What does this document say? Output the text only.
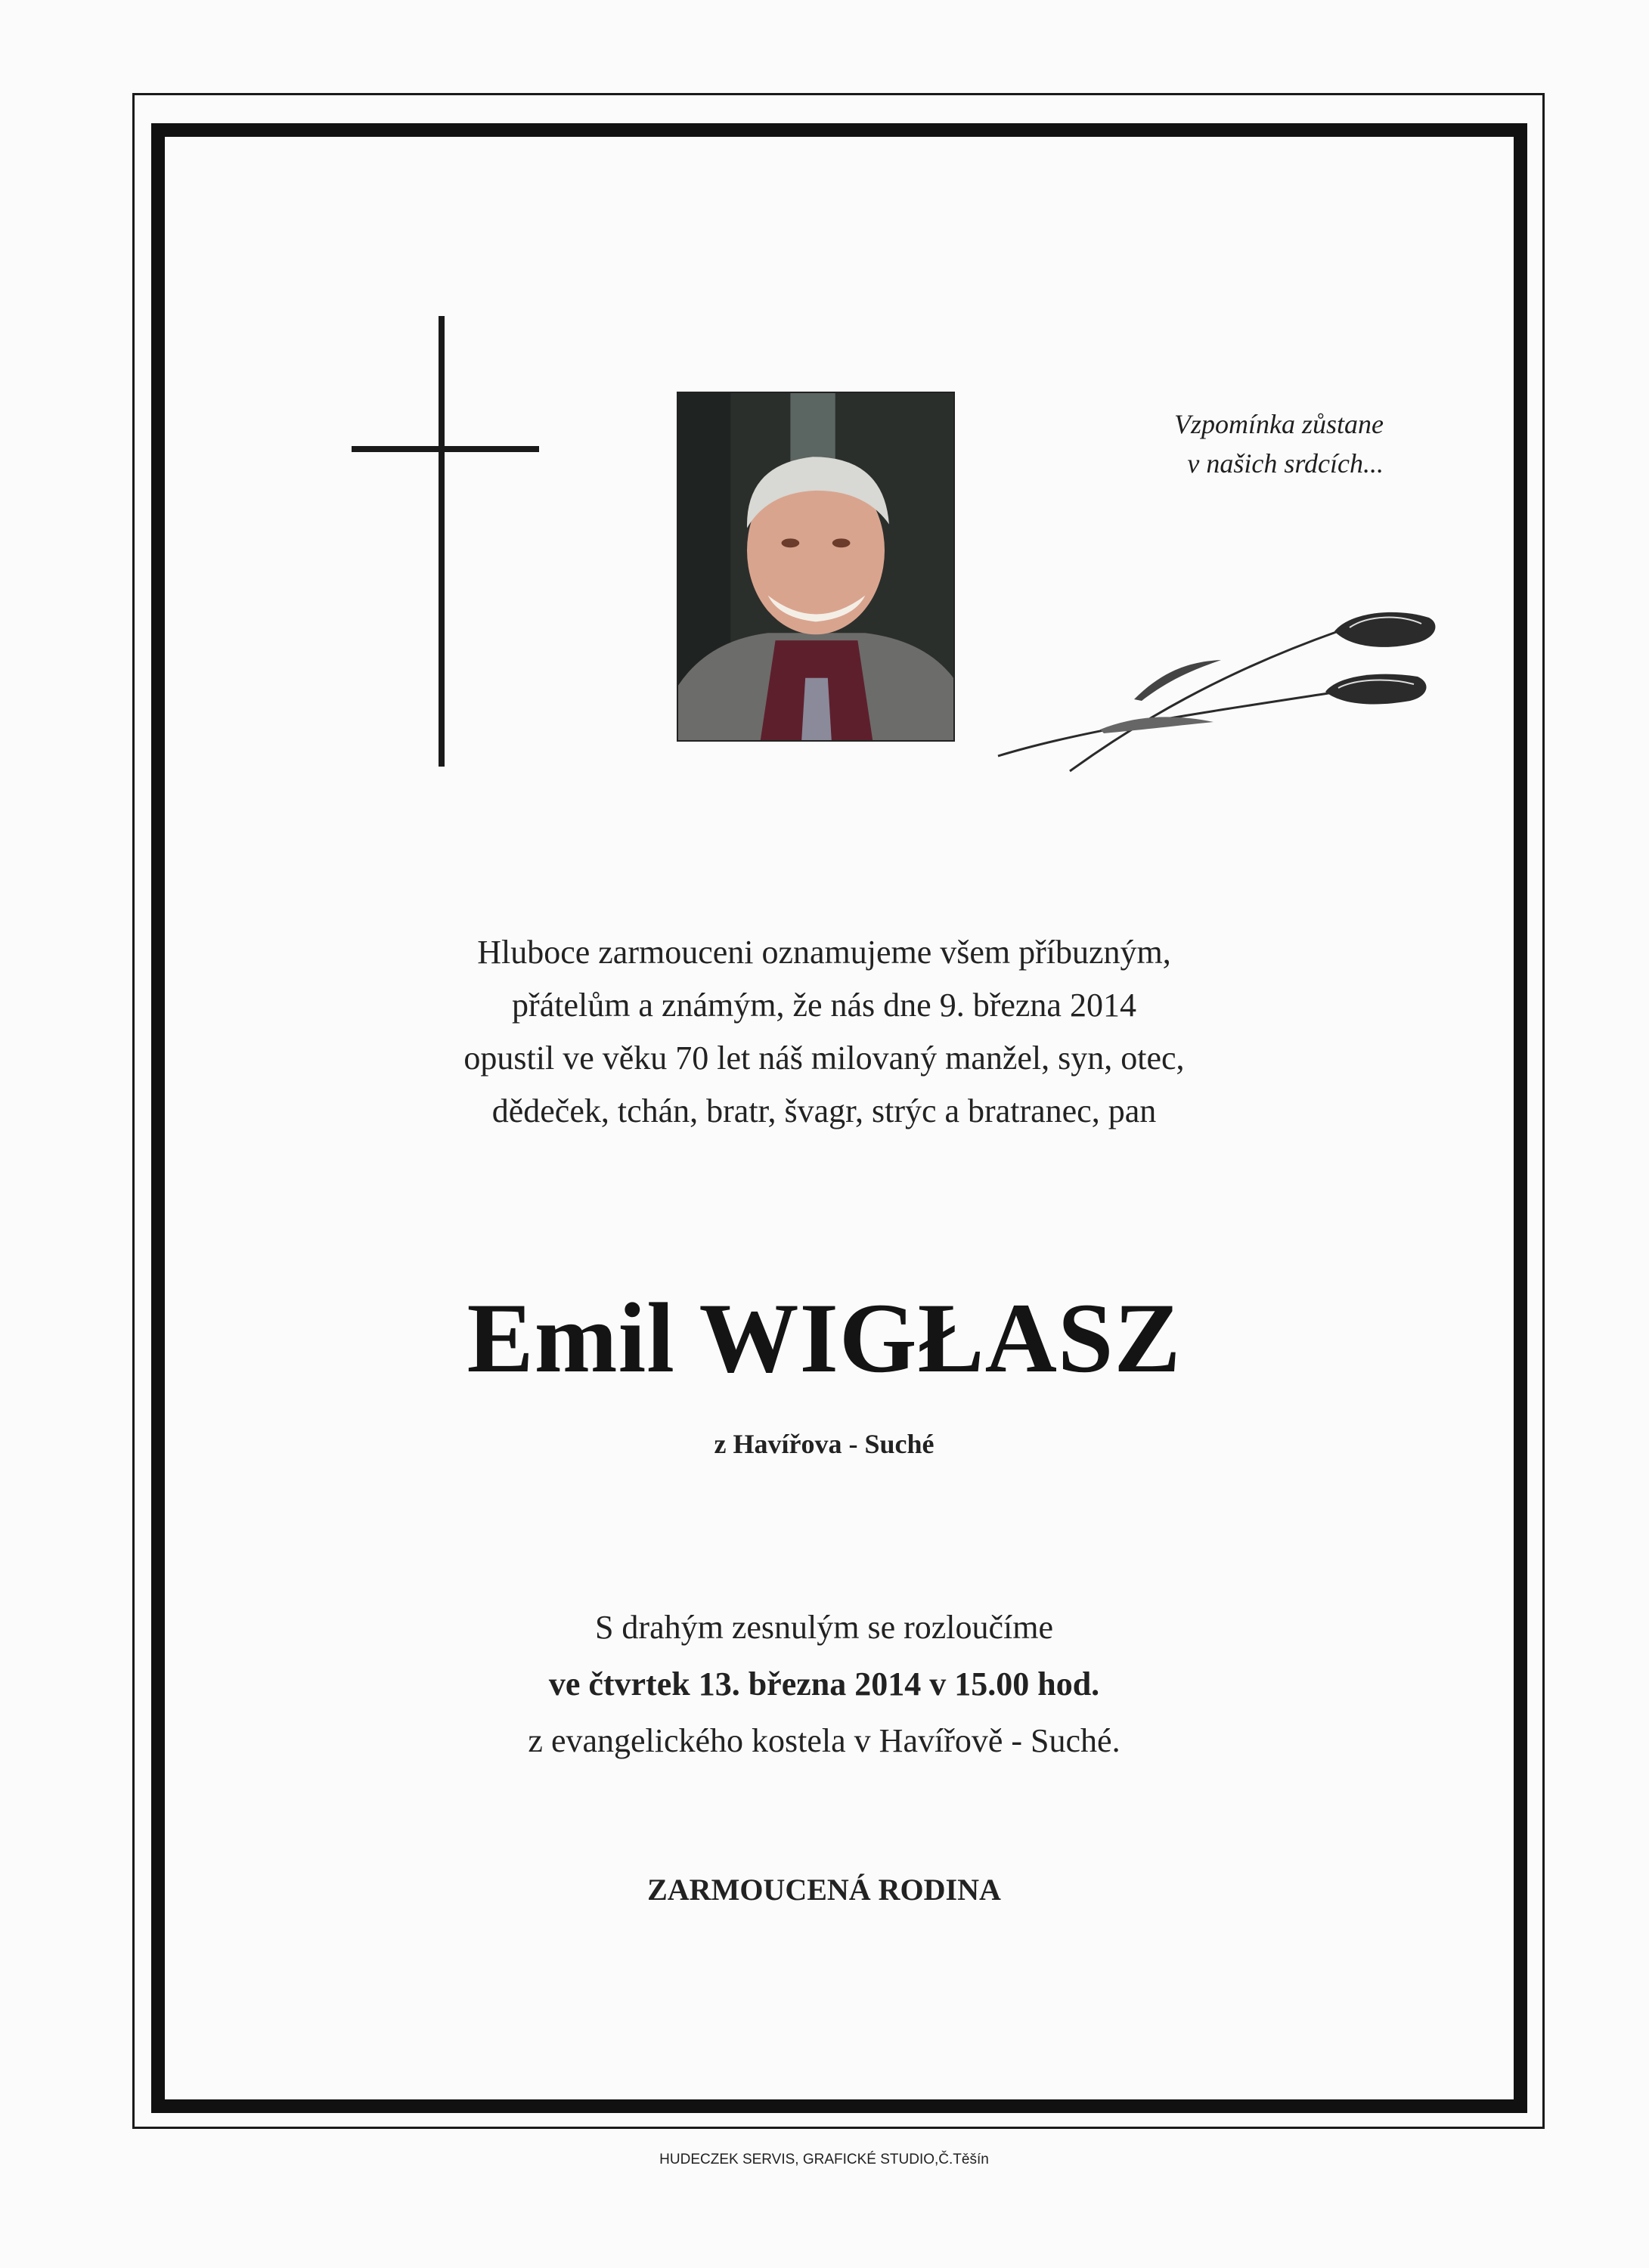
Vzpomínka zůstane
v našich srdcích...
Hluboce zarmouceni oznamujeme všem příbuzným,
přátelům a známým, že nás dne 9. března 2014
opustil ve věku 70 let náš milovaný manžel, syn, otec,
dědeček, tchán, bratr, švagr, strýc a bratranec, pan
Emil WIGŁASZ
z Havířova - Suché
S drahým zesnulým se rozloučíme
ve čtvrtek 13. března 2014 v 15.00 hod.
z evangelického kostela v Havířově - Suché.
ZARMOUCENÁ RODINA
HUDECZEK SERVIS, GRAFICKÉ STUDIO,Č.Těšín
